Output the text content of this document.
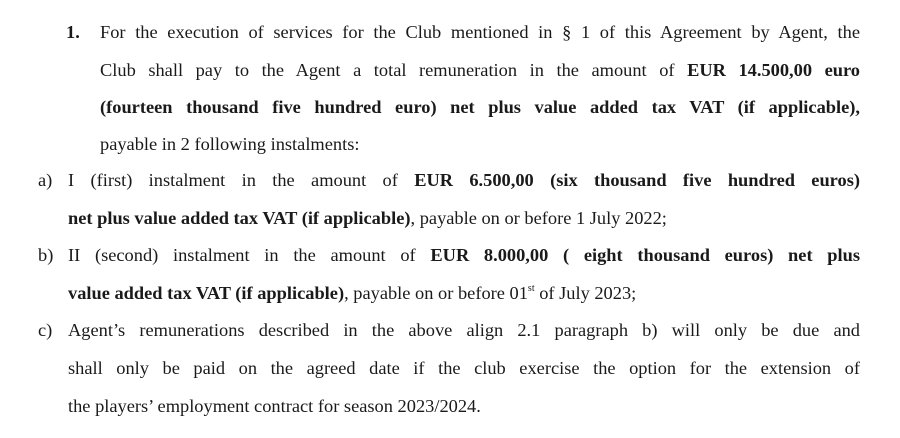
1. For the execution of services for the Club mentioned in § 1 of this Agreement by Agent, the
Club shall pay to the Agent a total remuneration in the amount of EUR 14.500,00 euro
(fourteen thousand five hundred euro) net plus value added tax VAT (if applicable),
payable in 2 following instalments:
a) I (first) instalment in the amount of EUR 6.500,00 (six thousand five hundred euros)
net plus value added tax VAT (if applicable), payable on or before 1 July 2022;
b) II (second) instalment in the amount of EUR 8.000,00 ( eight thousand euros) net plus
value added tax VAT (if applicable), payable on or before 01st of July 2023;
c) Agent’s remunerations described in the above align 2.1 paragraph b) will only be due and
shall only be paid on the agreed date if the club exercise the option for the extension of
the players’ employment contract for season 2023/2024.
